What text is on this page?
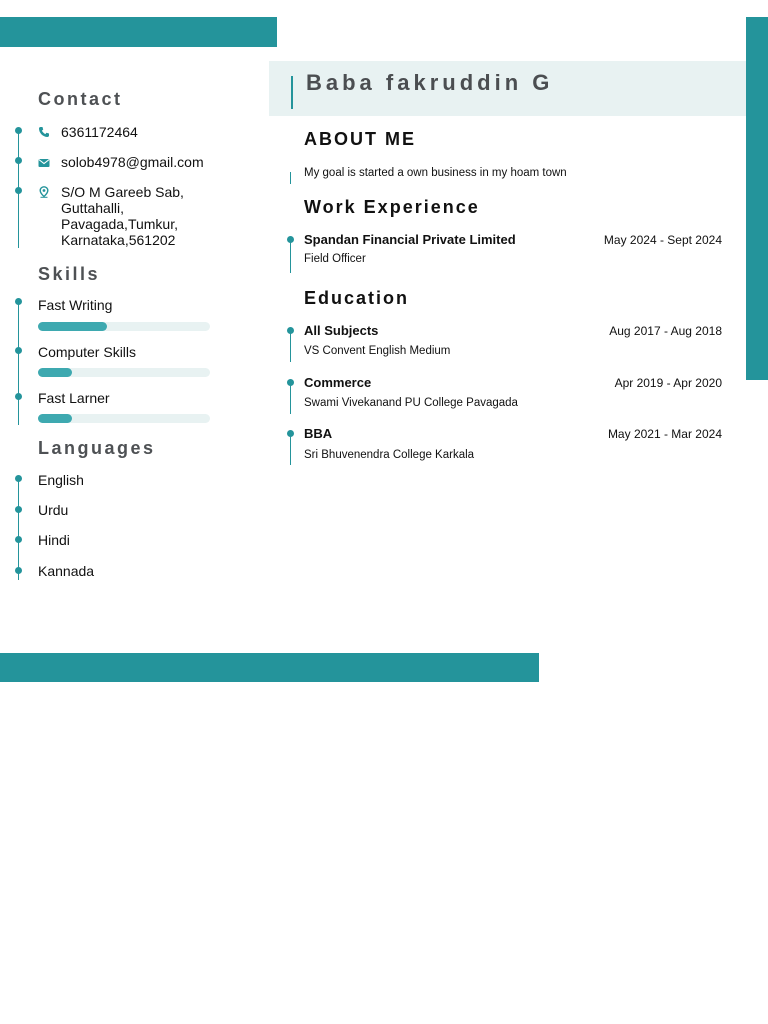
Baba fakruddin G
Contact
6361172464
solob4978@gmail.com
S/O M Gareeb Sab,
Guttahalli,
Pavagada,Tumkur,
Karnataka,561202
Skills
Fast Writing
Computer Skills
Fast Larner
Languages
English
Urdu
Hindi
Kannada
ABOUT ME
My goal is started a own business in my hoam town
Work Experience
Spandan Financial Private Limited	May 2024 - Sept 2024
Field Officer
Education
All Subjects	Aug 2017 - Aug 2018
VS Convent English Medium
Commerce	Apr 2019 - Apr 2020
Swami Vivekanand PU College Pavagada
BBA	May 2021 - Mar 2024
Sri Bhuvenendra College Karkala
